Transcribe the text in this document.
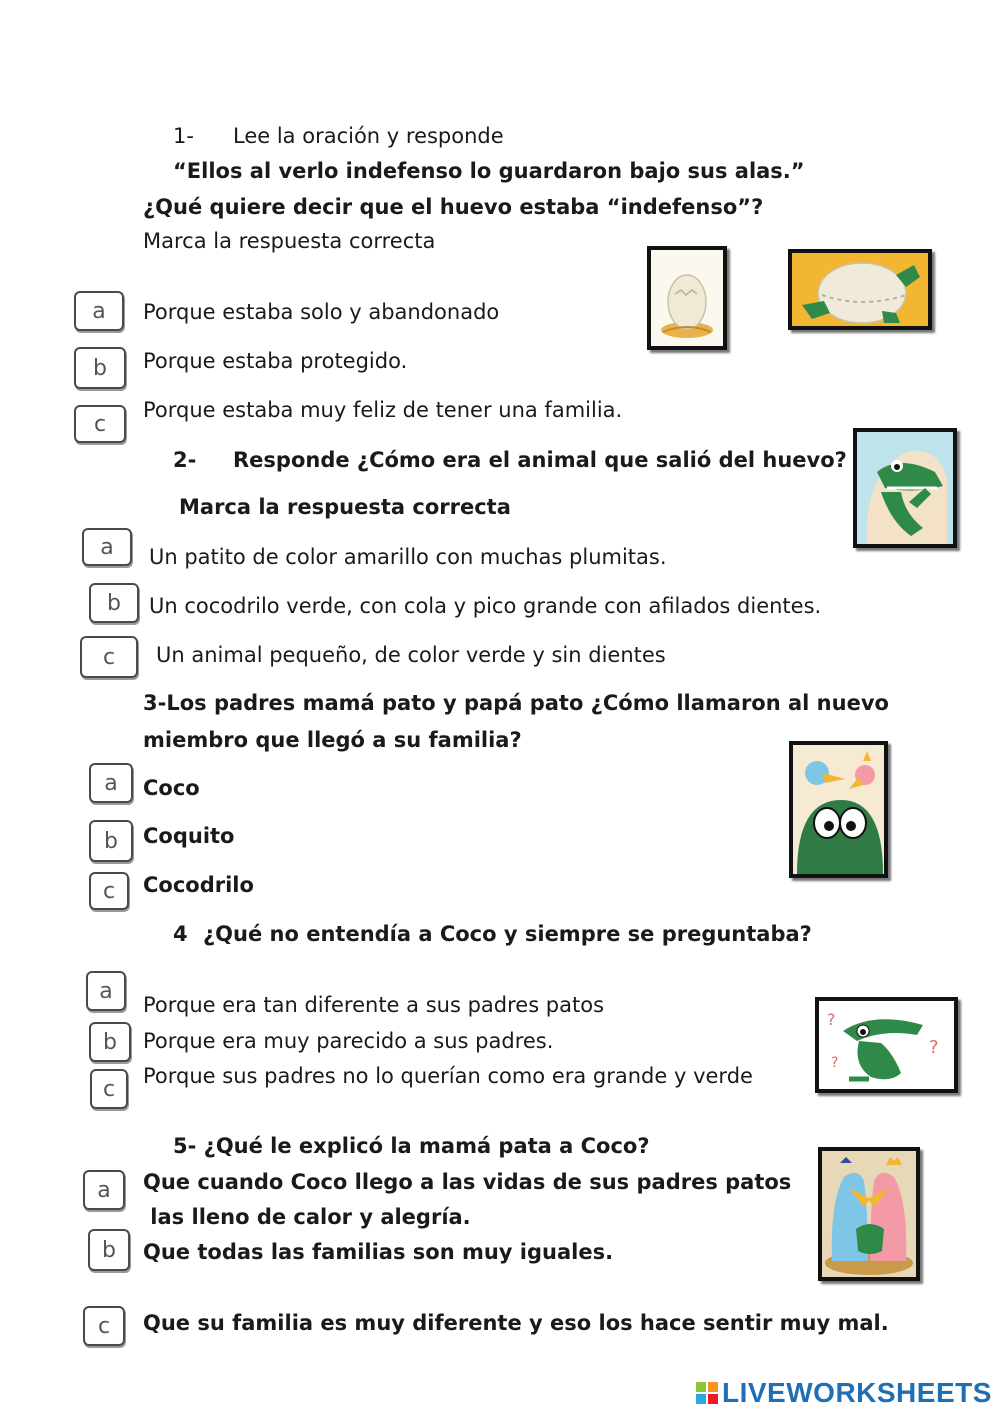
1- Lee la oración y responde
“Ellos al verlo indefenso lo guardaron bajo sus alas.”
¿Qué quiere decir que el huevo estaba “indefenso”?
Marca la respuesta correcta
a	Porque estaba solo y abandonado
b	Porque estaba protegido.
c
Porque estaba muy feliz de tener una familia.
2- Responde ¿Cómo era el animal que salió del huevo?
Marca la respuesta correcta
a	Un patito de color amarillo con muchas plumitas.
b	Un cocodrilo verde, con cola y pico grande con afilados dientes.
c	Un animal pequeño, de color verde y sin dientes
3-Los padres mamá pato y papá pato ¿Cómo llamaron al nuevo
miembro que llegó a su familia?
a	Coco
b	Coquito
c	Cocodrilo
4 ¿Qué no entendía a Coco y siempre se preguntaba?
a
Porque era tan diferente a sus padres patos
b	Porque era muy parecido a sus padres.
c
Porque sus padres no lo querían como era grande y verde
?
?
?
5- ¿Qué le explicó la mamá pata a Coco?
a	Que cuando Coco llego a las vidas de sus padres patos
las lleno de calor y alegría.
b	Que todas las familias son muy iguales.
c	Que su familia es muy diferente y eso los hace sentir muy mal.
LIVEWORKSHEETS
